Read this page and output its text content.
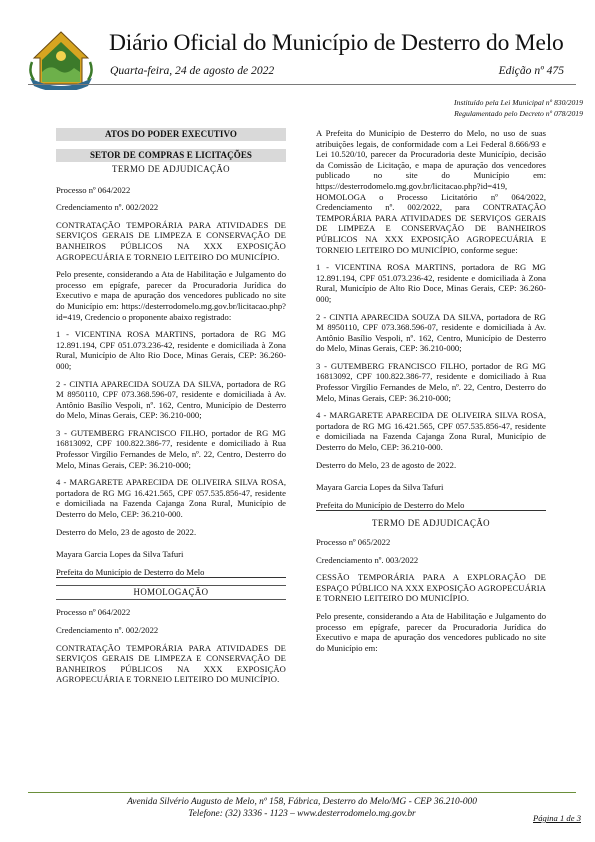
Diário Oficial do Município de Desterro do Melo
Quarta-feira, 24 de agosto de 2022	Edição nº 475
Instituído pela Lei Municipal nº 830/2019
Regulamentado pelo Decreto nº 078/2019
ATOS DO PODER EXECUTIVO
SETOR DE COMPRAS E LICITAÇÕES
TERMO DE ADJUDICAÇÃO

Processo nº 064/2022

Credenciamento nº. 002/2022

CONTRATAÇÃO TEMPORÁRIA PARA ATIVIDADES DE SERVIÇOS GERAIS DE LIMPEZA E CONSERVAÇÃO DE BANHEIROS PÚBLICOS NA XXX EXPOSIÇÃO AGROPECUÁRIA E TORNEIO LEITEIRO DO MUNICÍPIO.

Pelo presente, considerando a Ata de Habilitação e Julgamento do processo em epígrafe, parecer da Procuradoria Jurídica do Executivo e mapa de apuração dos vencedores publicado no site do Município em: https://desterrodomelo.mg.gov.br/licitacao.php?id=419, Credencio o proponente abaixo registrado:

1 - VICENTINA ROSA MARTINS, portadora de RG MG 12.891.194, CPF 051.073.236-42, residente e domiciliada à Zona Rural, Município de Alto Rio Doce, Minas Gerais, CEP: 36.260-000;

2 - CINTIA APARECIDA SOUZA DA SILVA, portadora de RG M 8950110, CPF 073.368.596-07, residente e domiciliada à Av. Antônio Basílio Vespoli, nº. 162, Centro, Município de Desterro do Melo, Minas Gerais, CEP: 36.210-000;

3 - GUTEMBERG FRANCISCO FILHO, portador de RG MG 16813092, CPF 100.822.386-77, residente e domiciliado à Rua Professor Virgílio Fernandes de Melo, nº. 22, Centro, Desterro do Melo, Minas Gerais, CEP: 36.210-000;

4 - MARGARETE APARECIDA DE OLIVEIRA SILVA ROSA, portadora de RG MG 16.421.565, CPF 057.535.856-47, residente e domiciliada na Fazenda Cajanga Zona Rural, Município de Desterro do Melo, CEP: 36.210-000.

Desterro do Melo, 23 de agosto de 2022.

Mayara Garcia Lopes da Silva Tafuri

Prefeita do Município de Desterro do Melo

HOMOLOGAÇÃO

Processo nº 064/2022

Credenciamento nº. 002/2022

CONTRATAÇÃO TEMPORÁRIA PARA ATIVIDADES DE SERVIÇOS GERAIS DE LIMPEZA E CONSERVAÇÃO DE BANHEIROS PÚBLICOS NA XXX EXPOSIÇÃO AGROPECUÁRIA E TORNEIO LEITEIRO DO MUNICÍPIO.

A Prefeita do Município de Desterro do Melo, no uso de suas atribuições legais, de conformidade com a Lei Federal 8.666/93 e Lei 10.520/10, parecer da Procuradoria deste Município, decisão da Comissão de Licitação, e mapa de apuração dos vencedores publicado no site do Município em: https://desterrodomelo.mg.gov.br/licitacao.php?id=419, HOMOLOGA o Processo Licitatório nº 064/2022, Credenciamento nº. 002/2022, para CONTRATAÇÃO TEMPORÁRIA PARA ATIVIDADES DE SERVIÇOS GERAIS DE LIMPEZA E CONSERVAÇÃO DE BANHEIROS PÚBLICOS NA XXX EXPOSIÇÃO AGROPECUÁRIA E TORNEIO LEITEIRO DO MUNICÍPIO, conforme segue:

1 - VICENTINA ROSA MARTINS, portadora de RG MG 12.891.194, CPF 051.073.236-42, residente e domiciliada à Zona Rural, Município de Alto Rio Doce, Minas Gerais, CEP: 36.260-000;

2 - CINTIA APARECIDA SOUZA DA SILVA, portadora de RG M 8950110, CPF 073.368.596-07, residente e domiciliada à Av. Antônio Basílio Vespoli, nº. 162, Centro, Município de Desterro do Melo, Minas Gerais, CEP: 36.210-000;

3 - GUTEMBERG FRANCISCO FILHO, portador de RG MG 16813092, CPF 100.822.386-77, residente e domiciliado à Rua Professor Virgílio Fernandes de Melo, nº. 22, Centro, Desterro do Melo, Minas Gerais, CEP: 36.210-000;

4 - MARGARETE APARECIDA DE OLIVEIRA SILVA ROSA, portadora de RG MG 16.421.565, CPF 057.535.856-47, residente e domiciliada na Fazenda Cajanga Zona Rural, Município de Desterro do Melo, CEP: 36.210-000.

Desterro do Melo, 23 de agosto de 2022.

Mayara Garcia Lopes da Silva Tafuri

Prefeita do Município de Desterro do Melo

TERMO DE ADJUDICAÇÃO

Processo nº 065/2022

Credenciamento nº. 003/2022

CESSÃO TEMPORÁRIA PARA A EXPLORAÇÃO DE ESPAÇO PÚBLICO NA XXX EXPOSIÇÃO AGROPECUÁRIA E TORNEIO LEITEIRO DO MUNICÍPIO.

Pelo presente, considerando a Ata de Habilitação e Julgamento do processo em epígrafe, parecer da Procuradoria Jurídica do Executivo e mapa de apuração dos vencedores publicado no site do Município em:

Avenida Silvério Augusto de Melo, nº 158, Fábrica, Desterro do Melo/MG - CEP 36.210-000
Telefone: (32) 3336 - 1123 – www.desterrodomelo.mg.gov.br	Página 1 de 3
